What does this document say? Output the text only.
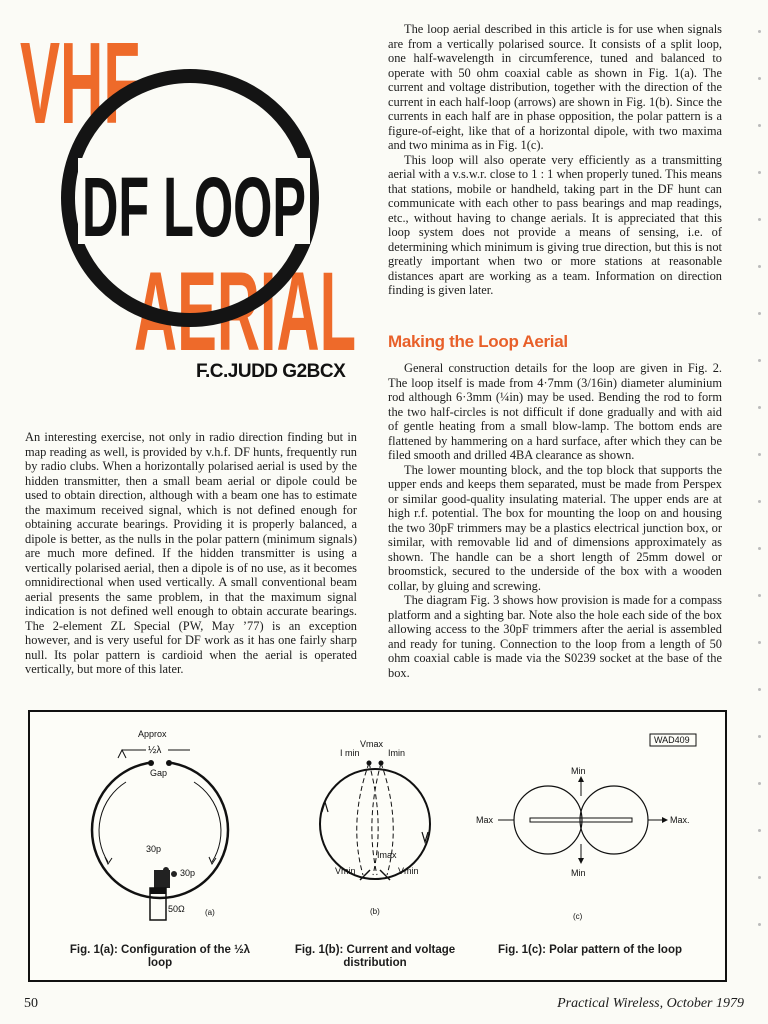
VHF
AERIAL
DF LOOP
F.C.JUDD G2BCX

An interesting exercise, not only in radio direction finding but in map reading as well, is provided by v.h.f. DF hunts, frequently run by radio clubs. When a horizontally polarised aerial is used by the hidden transmitter, then a small beam aerial or dipole could be used to obtain direction, although with a beam one has to estimate the maximum received signal, which is not defined enough for obtaining accurate bearings. Providing it is properly balanced, a dipole is better, as the nulls in the polar pattern (minimum signals) are much more defined. If the hidden transmitter is using a vertically polarised aerial, then a dipole is of no use, as it becomes omnidirectional when used vertically. A small conventional beam aerial presents the same problem, in that the maximum signal indication is not defined well enough to obtain accurate bearings. The 2-element ZL Special (PW, May ’77) is an exception however, and is very useful for DF work as it has one fairly sharp null. Its polar pattern is cardioid when the aerial is operated vertically, but more of this later.

The loop aerial described in this article is for use when signals are from a vertically polarised source. It consists of a split loop, one half-wavelength in circumference, tuned and balanced to operate with 50 ohm coaxial cable as shown in Fig. 1(a). The current and voltage distribution, together with the direction of the current in each half-loop (arrows) are shown in Fig. 1(b). Since the currents in each half are in phase opposition, the polar pattern is a figure-of-eight, like that of a horizontal dipole, with two maxima and two minima as in Fig. 1(c).

This loop will also operate very efficiently as a transmitting aerial with a v.s.w.r. close to 1 : 1 when properly tuned. This means that stations, mobile or handheld, taking part in the DF hunt can communicate with each other to pass bearings and map readings, etc., without having to change aerials. It is appreciated that this loop system does not provide a means of sensing, i.e. of determining which minimum is giving true direction, but this is not greatly important when two or more stations at reasonable distances apart are working as a team. Information on direction finding is given later.

Making the Loop Aerial

General construction details for the loop are given in Fig. 2. The loop itself is made from 4·7mm (3/16in) diameter aluminium rod although 6·3mm (¼in) may be used. Bending the rod to form the two half-circles is not difficult if done gradually and with aid of gentle heating from a small blow-lamp. The bottom ends are flattened by hammering on a hard surface, after which they can be filed smooth and drilled 4BA clearance as shown.

The lower mounting block, and the top block that supports the upper ends and keeps them separated, must be made from Perspex or similar good-quality insulating material. The upper ends are at high r.f. potential. The box for mounting the loop on and housing the two 30pF trimmers may be a plastics electrical junction box, or similar, with removable lid and of dimensions approximately as shown. The handle can be a short length of 25mm dowel or broomstick, secured to the underside of the box with a wooden collar, by gluing and screwing.

The diagram Fig. 3 shows how provision is made for a compass platform and a sighting bar. Note also the hole each side of the box allowing access to the 30pF trimmers after the aerial is assembled and ready for tuning. Connection to the loop from a length of 50 ohm coaxial cable is made via the S0239 socket at the base of the box.

WAD409
Approx
½λ
Gap
30p
30p
50Ω	(a)
Vmax
I min	Imin
Imax
Vmin	Vmin
(b)
Min
Min
Max	Max.
(c)
Fig. 1(a): Configuration of the ½λ loop
Fig. 1(b): Current and voltage distribution
Fig. 1(c): Polar pattern of the loop
50	Practical Wireless, October 1979
